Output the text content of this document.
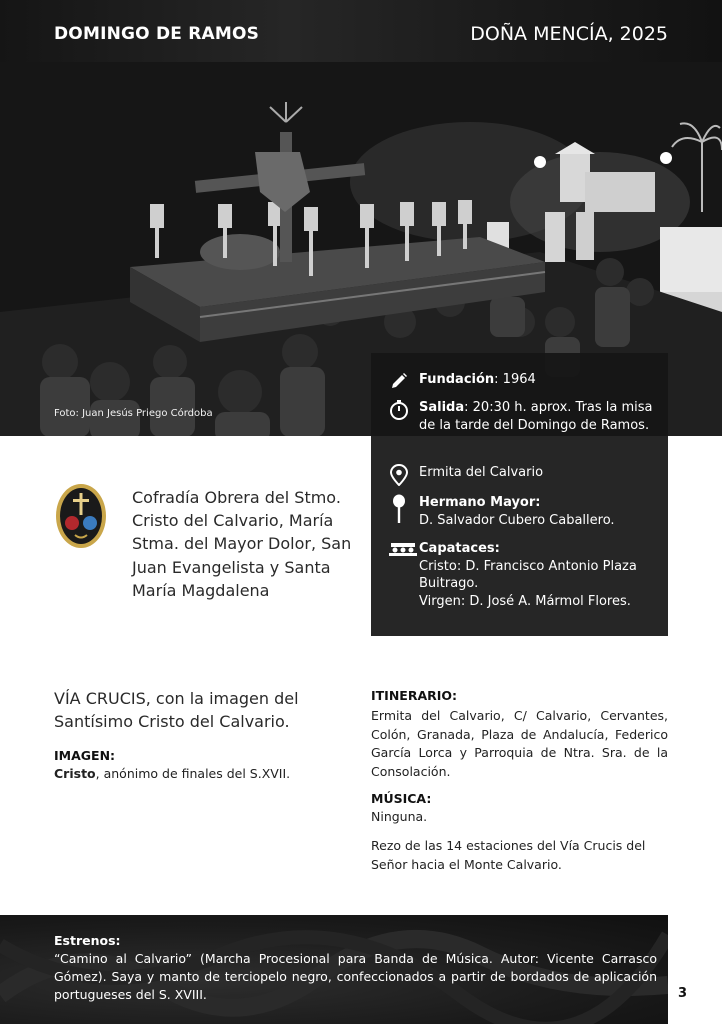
DOMINGO DE RAMOS	DOÑA MENCÍA, 2025
Foto: Juan Jesús Priego Córdoba
Fundación: 1964
Salida: 20:30 h. aprox. Tras la misa de la tarde del Domingo de Ramos.
Ermita del Calvario
Hermano Mayor:
D. Salvador Cubero Caballero.
Capataces:
Cristo: D. Francisco Antonio Plaza Buitrago.
Virgen: D. José A. Mármol Flores.
Cofradía Obrera del Stmo. Cristo del Calvario, María Stma. del Mayor Dolor, San Juan Evangelista y Santa María Magdalena
VÍA CRUCIS, con la imagen del Santísimo Cristo del Calvario.
IMAGEN:
Cristo, anónimo de finales del S.XVII.
ITINERARIO:
Ermita del Calvario, C/ Calvario, Cervantes, Colón, Granada, Plaza de Andalucía, Federico García Lorca y Parroquia de Ntra. Sra. de la Consolación.
MÚSICA:
Ninguna.
Rezo de las 14 estaciones del Vía Crucis del Señor hacia el Monte Calvario.
Estrenos:
“Camino al Calvario” (Marcha Procesional para Banda de Música. Autor: Vicente Carrasco Gómez). Saya y manto de terciopelo negro, confeccionados a partir de bordados de aplicación portugueses del S. XVIII.	3
